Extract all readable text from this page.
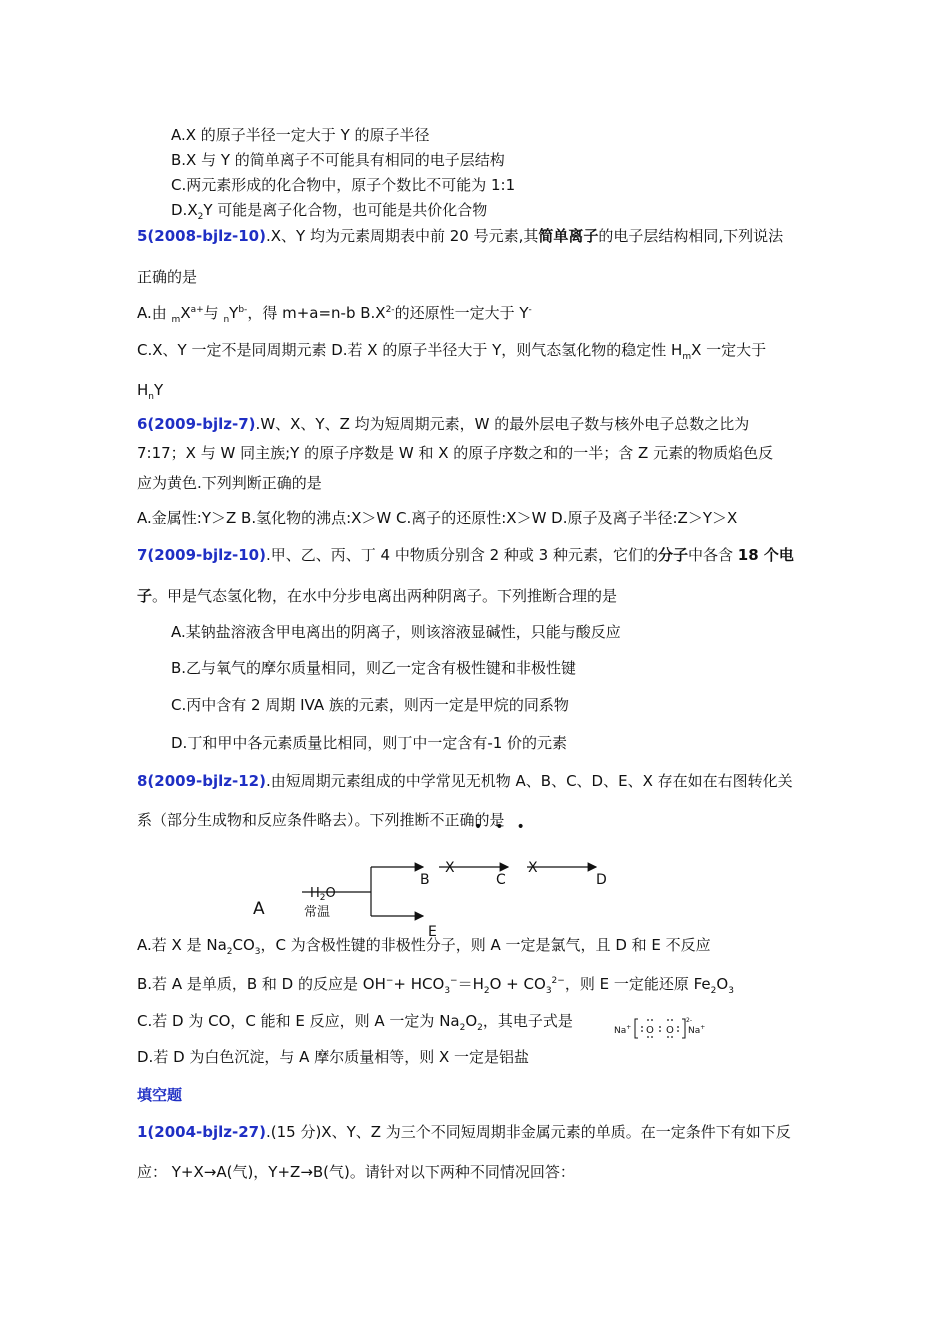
A.X 的原子半径一定大于 Y 的原子半径
B.X 与 Y 的简单离子不可能具有相同的电子层结构
C.两元素形成的化合物中，原子个数比不可能为 1:1
$D.X_2Y$ 可能是离子化合物，也可能是共价化合物
5(2008-bjlz-10).X、Y 均为元素周期表中前 20 号元素,其简单离子的电子层结构相同,下列说法
正确的是
A.由 $_mX^{a+}$与 $_nY^{b-}$，得 m+a=n-b $B.X^{2-}$的还原性一定大于 Y-
C.X、Y 一定不是同周期元素 D.若 X 的原子半径大于 Y，则气态氢化物的稳定性 $H_mX$ 一定大于
$H_nY$
6(2009-bjlz-7).W、X、Y、Z 均为短周期元素，W 的最外层电子数与核外电子总数之比为
7:17；X 与 W 同主族;Y 的原子序数是 W 和 X 的原子序数之和的一半；含 Z 元素的物质焰色反
应为黄色.下列判断正确的是
A.金属性:Y＞Z B.氢化物的沸点:X＞W C.离子的还原性:X＞W D.原子及离子半径:Z＞Y＞X
7(2009-bjlz-10).甲、乙、丙、丁 4 中物质分别含 2 种或 3 种元素，它们的分子中各含 18 个电
子。甲是气态氢化物，在水中分步电离出两种阴离子。下列推断合理的是
A.某钠盐溶液含甲电离出的阴离子，则该溶液显碱性，只能与酸反应
B.乙与氧气的摩尔质量相同，则乙一定含有极性键和非极性键
C.丙中含有 2 周期 IVA 族的元素，则丙一定是甲烷的同系物
D.丁和甲中各元素质量比相同，则丁中一定含有-1 价的元素
8(2009-bjlz-12).由短周期元素组成的中学常见无机物 A、B、C、D、E、X 存在如在右图转化关
系（部分生成物和反应条件略去）。下列推断不正确的是
•••
A
$H_2O$
常温
B
E
X
C
X
D
A.若 X 是 $Na_2CO_3$，C 为含极性键的非极性分子，则 A 一定是氯气，且 D 和 E 不反应
B.若 A 是单质，B 和 D 的反应是 $OH^-+ HCO_3^-=H_2O + CO_3^{2-}$，则 E 一定能还原 $Fe_2O_3$
C.若 D 为 CO，C 能和 E 反应，则 A 一定为 $Na_2O_2$，其电子式是
Na+ O O
2-
Na+
D.若 D 为白色沉淀，与 A 摩尔质量相等，则 X 一定是铝盐
填空题
1(2004-bjlz-27).(15 分)X、Y、Z 为三个不同短周期非金属元素的单质。在一定条件下有如下反
应： Y+X→A(气)，Y+Z→B(气)。请针对以下两种不同情况回答：
